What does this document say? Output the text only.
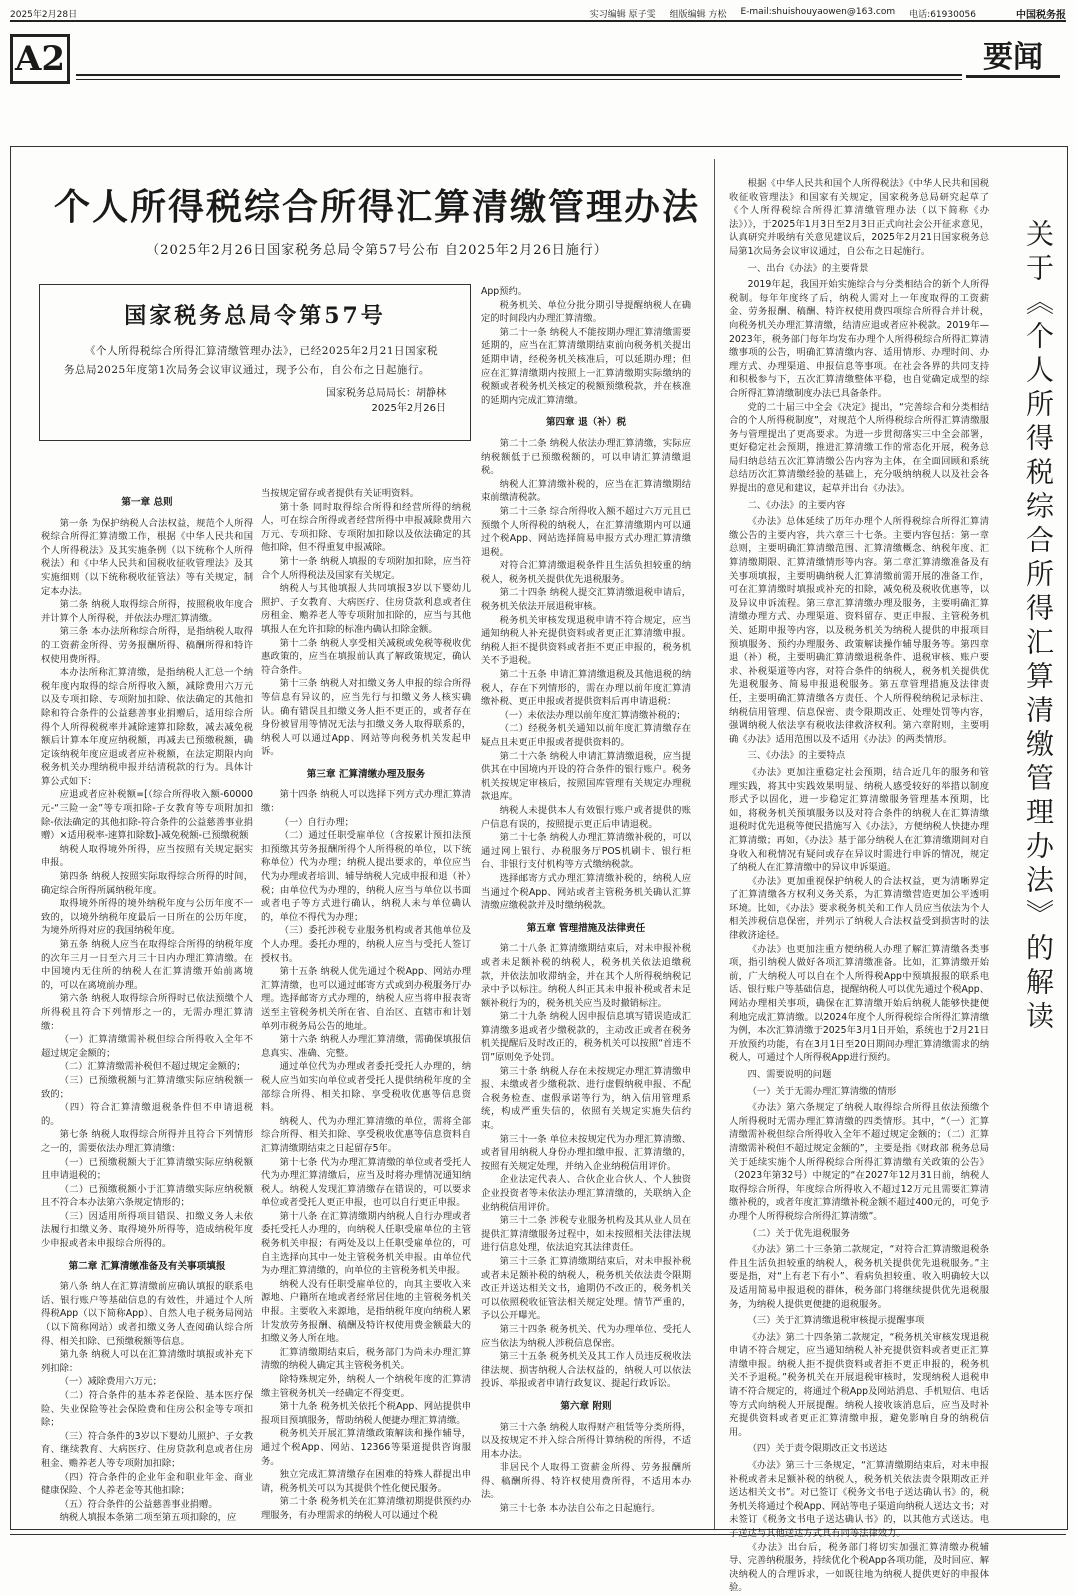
2025年2月28日	实习编辑 原子雯 组版编辑 方松 E-mail:shuishouyaowen@163.com 电话:61930056	中国税务报
A2	要闻
个人所得税综合所得汇算清缴管理办法
（2025年2月26日国家税务总局令第57号公布 自2025年2月26日施行）
国家税务总局令第57号

《个人所得税综合所得汇算清缴管理办法》，已经2025年2月21日国家税务总局2025年度第1次局务会议审议通过，现予公布，自公布之日起施行。

国家税务总局局长：胡静林
2025年2月26日
第一章 总则

第一条 为保护纳税人合法权益，规范个人所得税综合所得汇算清缴工作，根据《中华人民共和国个人所得税法》及其实施条例（以下统称个人所得税法）和《中华人民共和国税收征收管理法》及其实施细则（以下统称税收征管法）等有关规定，制定本办法。

第二条 纳税人取得综合所得，按照税收年度合并计算个人所得税，并依法办理汇算清缴。

第三条 本办法所称综合所得，是指纳税人取得的工资薪金所得、劳务报酬所得、稿酬所得和特许权使用费所得。

本办法所称汇算清缴，是指纳税人汇总一个纳税年度内取得的综合所得收入额，减除费用六万元以及专项扣除、专项附加扣除、依法确定的其他扣除和符合条件的公益慈善事业捐赠后，适用综合所得个人所得税税率并减除速算扣除数，减去减免税额后计算本年度应纳税额，再减去已预缴税额，确定该纳税年度应退或者应补税额，在法定期限内向税务机关办理纳税申报并结清税款的行为。具体计算公式如下：

应退或者应补税额=[（综合所得收入额-60000元-“三险一金”等专项扣除-子女教育等专项附加扣除-依法确定的其他扣除-符合条件的公益慈善事业捐赠）×适用税率-速算扣除数]-减免税额-已预缴税额

纳税人取得境外所得，应当按照有关规定据实申报。

第四条 纳税人按照实际取得综合所得的时间，确定综合所得所属纳税年度。

取得境外所得的境外纳税年度与公历年度不一致的，以境外纳税年度最后一日所在的公历年度，为境外所得对应的我国纳税年度。

第五条 纳税人应当在取得综合所得的纳税年度的次年三月一日至六月三十日内办理汇算清缴。在中国境内无住所的纳税人在汇算清缴开始前离境的，可以在离境前办理。

第六条 纳税人取得综合所得时已依法预缴个人所得税且符合下列情形之一的，无需办理汇算清缴：

（一）汇算清缴需补税但综合所得收入全年不超过规定金额的；

（二）汇算清缴需补税但不超过规定金额的；

（三）已预缴税额与汇算清缴实际应纳税额一致的；

（四）符合汇算清缴退税条件但不申请退税的。

第七条 纳税人取得综合所得并且符合下列情形之一的，需要依法办理汇算清缴：

（一）已预缴税额大于汇算清缴实际应纳税额且申请退税的；

（二）已预缴税额小于汇算清缴实际应纳税额且不符合本办法第六条规定情形的；

（三）因适用所得项目错误、扣缴义务人未依法履行扣缴义务、取得境外所得等，造成纳税年度少申报或者未申报综合所得的。

第二章 汇算清缴准备及有关事项填报

第八条 纳人在汇算清缴前应确认填报的联系电话、银行账户等基础信息的有效性，并通过个人所得税App（以下简称App）、自然人电子税务局网站（以下简称网站）或者扣缴义务人查阅确认综合所得、相关扣除、已预缴税额等信息。

第九条 纳税人可以在汇算清缴时填报或补充下列扣除：

（一）减除费用六万元；

（二）符合条件的基本养老保险、基本医疗保险、失业保险等社会保险费和住房公积金等专项扣除；

（三）符合条件的3岁以下婴幼儿照护、子女教育、继续教育、大病医疗、住房贷款利息或者住房租金、赡养老人等专项附加扣除；

（四）符合条件的企业年金和职业年金、商业健康保险、个人养老金等其他扣除；

（五）符合条件的公益慈善事业捐赠。

纳税人填报本条第二项至第五项扣除的，应

当按规定留存或者提供有关证明资料。

第十条 同时取得综合所得和经营所得的纳税人，可在综合所得或者经营所得中申报减除费用六万元、专项扣除、专项附加扣除以及依法确定的其他扣除，但不得重复申报减除。

第十一条 纳税人填报的专项附加扣除，应当符合个人所得税法及国家有关规定。

纳税人与其他填报人共同填报3岁以下婴幼儿照护、子女教育、大病医疗、住房贷款利息或者住房租金、赡养老人等专项附加扣除的，应当与其他填报人在允许扣除的标准内确认扣除金额。

第十二条 纳税人享受相关减税或免税等税收优惠政策的，应当在填报前认真了解政策规定，确认符合条件。

第十三条 纳税人对扣缴义务人申报的综合所得等信息有异议的，应当先行与扣缴义务人核实确认。确有错误且扣缴义务人拒不更正的，或者存在身份被冒用等情况无法与扣缴义务人取得联系的，纳税人可以通过App、网站等向税务机关发起申诉。

第三章 汇算清缴办理及服务

第十四条 纳税人可以选择下列方式办理汇算清缴：

（一）自行办理；

（二）通过任职受雇单位（含按累计预扣法预扣预缴其劳务报酬所得个人所得税的单位，以下统称单位）代为办理；纳税人提出要求的，单位应当代为办理或者培训、辅导纳税人完成申报和退（补）税；由单位代为办理的，纳税人应当与单位以书面或者电子等方式进行确认，纳税人未与单位确认的，单位不得代为办理；

（三）委托涉税专业服务机构或者其他单位及个人办理。委托办理的，纳税人应当与受托人签订授权书。

第十五条 纳税人优先通过个税App、网站办理汇算清缴，也可以通过邮寄方式或到办税服务厅办理。选择邮寄方式办理的，纳税人应当将申报表寄送至主管税务机关所在省、自治区、直辖市和计划单列市税务局公告的地址。

第十六条 纳税人办理汇算清缴，需确保填报信息真实、准确、完整。

通过单位代为办理或者委托受托人办理的，纳税人应当如实向单位或者受托人提供纳税年度的全部综合所得、相关扣除、享受税收优惠等信息资料。

纳税人、代为办理汇算清缴的单位，需将全部综合所得、相关扣除、享受税收优惠等信息资料自汇算清缴期结束之日起留存5年。

第十七条 代为办理汇算清缴的单位或者受托人代为办理汇算清缴后，应当及时将办理情况通知纳税人。纳税人发现汇算清缴存在错误的，可以要求单位或者受托人更正申报，也可以自行更正申报。

第十八条 在汇算清缴期内纳税人自行办理或者委托受托人办理的，向纳税人任职受雇单位的主管税务机关申报；有两处及以上任职受雇单位的，可自主选择向其中一处主管税务机关申报。由单位代为办理汇算清缴的，向单位的主管税务机关申报。

纳税人没有任职受雇单位的，向其主要收入来源地、户籍所在地或者经常居住地的主管税务机关申报。主要收入来源地，是指纳税年度向纳税人累计发放劳务报酬、稿酬及特许权使用费金额最大的扣缴义务人所在地。

汇算清缴期结束后，税务部门为尚未办理汇算清缴的纳税人确定其主管税务机关。

除特殊规定外，纳税人一个纳税年度的汇算清缴主管税务机关一经确定不得变更。

第十九条 税务机关依托个税App、网站提供申报项目预填服务，帮助纳税人便捷办理汇算清缴。

税务机关开展汇算清缴政策解读和操作辅导，通过个税App、网站、12366等渠道提供咨询服务。

独立完成汇算清缴存在困难的特殊人群提出申请，税务机关可以为其提供个性化便民服务。

第二十条 税务机关在汇算清缴初期提供预约办理服务，有办理需求的纳税人可以通过个税

App预约。

税务机关、单位分批分期引导提醒纳税人在确定的时间段内办理汇算清缴。

第二十一条 纳税人不能按期办理汇算清缴需要延期的，应当在汇算清缴期结束前向税务机关提出延期申请，经税务机关核准后，可以延期办理；但应在汇算清缴期内按照上一汇算清缴期实际缴纳的税额或者税务机关核定的税额预缴税款，并在核准的延期内完成汇算清缴。

第四章 退（补）税

第二十二条 纳税人依法办理汇算清缴，实际应纳税额低于已预缴税额的，可以申请汇算清缴退税。

纳税人汇算清缴补税的，应当在汇算清缴期结束前缴清税款。

第二十三条 综合所得收入额不超过六万元且已预缴个人所得税的纳税人，在汇算清缴期内可以通过个税App、网站选择简易申报方式办理汇算清缴退税。

对符合汇算清缴退税条件且生活负担较重的纳税人，税务机关提供优先退税服务。

第二十四条 纳税人提交汇算清缴退税申请后，税务机关依法开展退税审核。

税务机关审核发现退税申请不符合规定，应当通知纳税人补充提供资料或者更正汇算清缴申报。纳税人拒不提供资料或者拒不更正申报的，税务机关不予退税。

第二十五条 申请汇算清缴退税及其他退税的纳税人，存在下列情形的，需在办理以前年度汇算清缴补税、更正申报或者提供资料后再申请退税：

（一）未依法办理以前年度汇算清缴补税的；

（二）经税务机关通知以前年度汇算清缴存在疑点且未更正申报或者提供资料的。

第二十六条 纳税人申请汇算清缴退税，应当提供其在中国境内开设的符合条件的银行账户。税务机关按规定审核后，按照国库管理有关规定办理税款退库。

纳税人未提供本人有效银行账户或者提供的账户信息有误的，按照提示更正后申请退税。

第二十七条 纳税人办理汇算清缴补税的，可以通过网上银行、办税服务厅POS机刷卡、银行柜台、非银行支付机构等方式缴纳税款。

选择邮寄方式办理汇算清缴补税的，纳税人应当通过个税App、网站或者主管税务机关确认汇算清缴应缴税款并及时缴纳税款。

第五章 管理措施及法律责任

第二十八条 汇算清缴期结束后，对未申报补税或者未足额补税的纳税人，税务机关依法追缴税款，并依法加收滞纳金，并在其个人所得税纳税记录中予以标注。纳税人纠正其未申报补税或者未足额补税行为的，税务机关应当及时撤销标注。

第二十九条 纳税人因申报信息填写错误造成汇算清缴多退或者少缴税款的，主动改正或者在税务机关提醒后及时改正的，税务机关可以按照“首违不罚”原则免予处罚。

第三十条 纳税人存在未按规定办理汇算清缴申报、未缴或者少缴税款、进行虚假纳税申报、不配合税务检查、虚假承诺等行为，纳入信用管理系统，构成严重失信的，依照有关规定实施失信约束。

第三十一条 单位未按规定代为办理汇算清缴、或者冒用纳税人身份办理扣缴申报、汇算清缴的，按照有关规定处理，并纳入企业纳税信用评价。

企业法定代表人、合伙企业合伙人、个人独资企业投资者等未依法办理汇算清缴的，关联纳入企业纳税信用评价。

第三十二条 涉税专业服务机构及其从业人员在提供汇算清缴服务过程中，如未按照相关法律法规进行信息处理，依法追究其法律责任。

第三十三条 汇算清缴期结束后，对未申报补税或者未足额补税的纳税人，税务机关依法责令限期改正并送达相关文书，逾期仍不改正的，税务机关可以依照税收征管法相关规定处理。情节严重的，予以公开曝光。

第三十四条 税务机关、代为办理单位、受托人应当依法为纳税人涉税信息保密。

第三十五条 税务机关及其工作人员违反税收法律法规、损害纳税人合法权益的，纳税人可以依法投诉、举报或者申请行政复议、提起行政诉讼。

第六章 附则

第三十六条 纳税人取得财产租赁等分类所得，以及按规定不并入综合所得计算纳税的所得，不适用本办法。

非居民个人取得工资薪金所得、劳务报酬所得、稿酬所得、特许权使用费所得，不适用本办法。

第三十七条 本办法自公布之日起施行。

根据《中华人民共和国个人所得税法》《中华人民共和国税收征收管理法》和国家有关规定，国家税务总局研究起草了《个人所得税综合所得汇算清缴管理办法（以下简称《办法》）》，于2025年1月3日至2月3日正式向社会公开征求意见，认真研究并吸纳有关意见建议后，2025年2月21日国家税务总局第1次局务会议审议通过，自公布之日起施行。

一、出台《办法》的主要背景

2019年起，我国开始实施综合与分类相结合的新个人所得税制。每年年度终了后，纳税人需对上一年度取得的工资薪金、劳务报酬、稿酬、特许权使用费四项综合所得合并计税，向税务机关办理汇算清缴，结清应退或者应补税款。2019年—2023年，税务部门每年均发布办理个人所得税综合所得汇算清缴事项的公告，明确汇算清缴内容、适用情形、办理时间、办理方式、办理渠道、申报信息等事项。在社会各界的共同支持和积极参与下，五次汇算清缴整体平稳，也自觉确定成型的综合所得汇算清缴制度办法已具备条件。

党的二十届三中全会《决定》提出，“完善综合和分类相结合的个人所得税制度”，对规范个人所得税综合所得汇算清缴服务与管理提出了更高要求。为进一步贯彻落实三中全会部署，更好稳定社会预期，推进汇算清缴工作的常态化开展，税务总局归纳总结五次汇算清缴公告内容为主体，在全面回顾和系统总结历次汇算清缴经验的基础上，充分吸纳纳税人以及社会各界提出的意见和建议，起草并出台《办法》。

二、《办法》的主要内容

《办法》总体延续了历年办理个人所得税综合所得汇算清缴公告的主要内容，共六章三十七条。主要内容包括：第一章总则，主要明确汇算清缴范围、汇算清缴概念、纳税年度、汇算清缴期限、汇算清缴情形等内容。第二章汇算清缴准备及有关事项填报，主要明确纳税人汇算清缴前需开展的准备工作，可在汇算清缴时填报或补充的扣除，减免税及税收优惠等，以及异议申诉流程。第三章汇算清缴办理及服务，主要明确汇算清缴办理方式、办理渠道、资料留存、更正申报、主管税务机关、延期申报等内容，以及税务机关为纳税人提供的申报项目预填服务、预约办理服务、政策解读操作辅导服务等。第四章退（补）税，主要明确汇算清缴退税条件、退税审核、账户要求、补税渠道等内容，对符合条件的纳税人，税务机关提供优先退税服务、简易申报退税服务。第五章管理措施及法律责任，主要明确汇算清缴各方责任、个人所得税纳税记录标注、纳税信用管理、信息保密、责令限期改正、处理处罚等内容，强调纳税人依法享有税收法律救济权利。第六章附则，主要明确《办法》适用范围以及不适用《办法》的两类情形。

三、《办法》的主要特点

《办法》更加注重稳定社会预期，结合近几年的服务和管理实践，将其中实践效果明显、纳税人感受较好的举措以制度形式予以固化，进一步稳定汇算清缴服务管理基本预期，比如，将税务机关预填服务以及对符合条件的纳税人在汇算清缴退税时优先退税等便民措施写入《办法》，方便纳税人快捷办理汇算清缴；再如，《办法》基于部分纳税人在汇算清缴期间对自身收入和税情况有疑问或存在异议时需进行申诉的情况，规定了纳税人在汇算清缴中的异议申诉渠道。

《办法》更加重视保护纳税人的合法权益，更为清晰界定了汇算清缴各方权利义务关系，为汇算清缴营造更加公平透明环境。比如，《办法》要求税务机关和工作人员应当依法为个人相关涉税信息保密，并列示了纳税人合法权益受到损害时的法律救济途径。

《办法》也更加注重方便纳税人办理了解汇算清缴各类事项，指引纳税人做好各项汇算清缴准备。比如，汇算清缴开始前，广大纳税人可以自在个人所得税App中预填报报的联系电话、银行账户等基础信息，提醒纳税人可以优先通过个税App、网站办理相关事项，确保在汇算清缴开始后纳税人能够快捷便利地完成汇算清缴。以2024年度个人所得税综合所得汇算清缴为例，本次汇算清缴于2025年3月1日开始，系统也于2月21日开放预约功能，有在3月1日至20日期间办理汇算清缴需求的纳税人，可通过个人所得税App进行预约。

四、需要说明的问题
（一）关于无需办理汇算清缴的情形

《办法》第六条规定了纳税人取得综合所得且依法预缴个人所得税时无需办理汇算清缴的四类情形。其中，“（一）汇算清缴需补税但综合所得收入全年不超过规定金额的；（二）汇算清缴需补税但不超过规定金额的”，主要是指《财政部 税务总局关于延续实施个人所得税综合所得汇算清缴有关政策的公告》（2023年第32号）中规定的“在2027年12月31日前，纳税人取得综合所得，年度综合所得收入不超过12万元且需要汇算清缴补税的，或者年度汇算清缴补税金额不超过400元的，可免予办理个人所得税综合所得汇算清缴”。

（二）关于优先退税服务

《办法》第二十三条第二款规定，“对符合汇算清缴退税条件且生活负担较重的纳税人，税务机关提供优先退税服务。”主要是指，对“上有老下有小”、看病负担较重、收入明确较大以及适用简易申报退税的群体，税务部门将继续提供优先退税服务，为纳税人提供更便捷的退税服务。

（三）关于汇算清缴退税审核提示提醒事项

《办法》第二十四条第二款规定，“税务机关审核发现退税申请不符合规定，应当通知纳税人补充提供资料或者更正汇算清缴申报。纳税人拒不提供资料或者拒不更正申报的，税务机关不予退税。”税务机关在开展退税审核时，发现纳税人退税申请不符合规定的，将通过个税App及网站消息、手机短信、电话等方式向纳税人开展提醒。纳税人接收该消息后，应当及时补充提供资料或者更正汇算清缴申报，避免影响自身的纳税信用。

（四）关于责令限期改正文书送达

《办法》第三十三条规定，“汇算清缴期结束后，对未申报补税或者未足额补税的纳税人，税务机关依法责令限期改正并送达相关文书”。对已签订《税务文书电子送达确认书》的，税务机关将通过个税App、网站等电子渠道向纳税人送达文书；对未签订《税务文书电子送达确认书》的，以其他方式送达。电子送达与其他送达方式具有同等法律效力。

《办法》出台后，税务部门将切实加强汇算清缴办税辅导、完善纳税服务，持续优化个税App各项功能，及时回应、解决纳税人的合理诉求，一如既往地为纳税人提供更好的申报体验。

关于《个人所得税综合所得汇算清缴管理办法》的解读
